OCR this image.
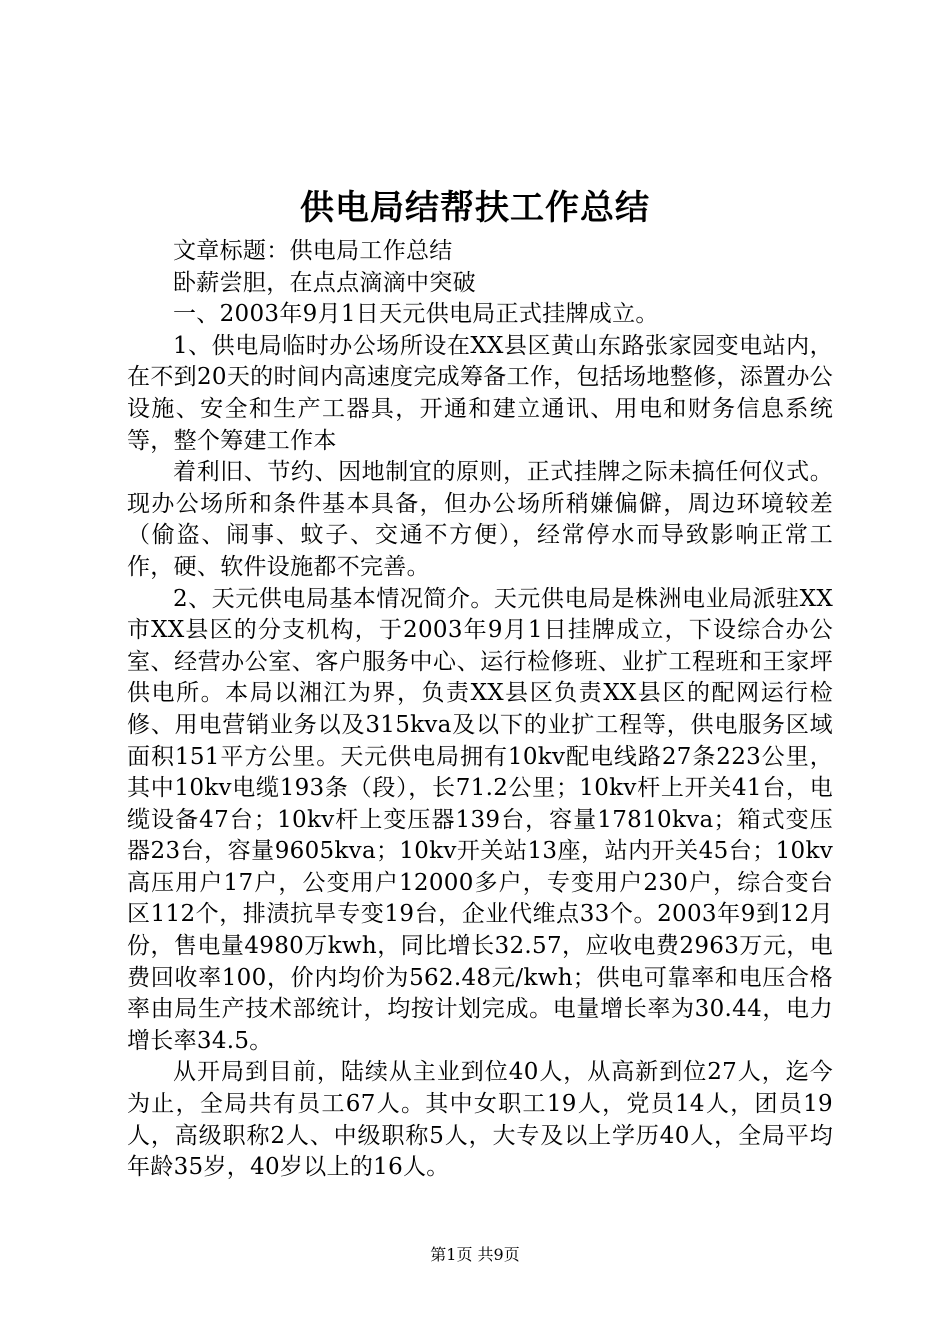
供电局结帮扶工作总结

文章标题：供电局工作总结

卧薪尝胆，在点点滴滴中突破

一、2003年9月1日天元供电局正式挂牌成立。

1、供电局临时办公场所设在XX县区黄山东路张家园变电站内，在不到20天的时间内高速度完成筹备工作，包括场地整修，添置办公设施、安全和生产工器具，开通和建立通讯、用电和财务信息系统等，整个筹建工作本

着利旧、节约、因地制宜的原则，正式挂牌之际未搞任何仪式。现办公场所和条件基本具备，但办公场所稍嫌偏僻，周边环境较差（偷盗、闹事、蚊子、交通不方便），经常停水而导致影响正常工作，硬、软件设施都不完善。

2、天元供电局基本情况简介。天元供电局是株洲电业局派驻XX市XX县区的分支机构，于2003年9月1日挂牌成立，下设综合办公室、经营办公室、客户服务中心、运行检修班、业扩工程班和王家坪供电所。本局以湘江为界，负责XX县区负责XX县区的配网运行检修、用电营销业务以及315kva及以下的业扩工程等，供电服务区域面积151平方公里。天元供电局拥有10kv配电线路27条223公里，其中10kv电缆193条（段），长71.2公里；10kv杆上开关41台，电缆设备47台；10kv杆上变压器139台，容量17810kva；箱式变压器23台，容量9605kva；10kv开关站13座，站内开关45台；10kv高压用户17户，公变用户12000多户，专变用户230户，综合变台区112个，排渍抗旱专变19台，企业代维点33个。2003年9到12月份，售电量4980万kwh，同比增长32.57，应收电费2963万元，电费回收率100，价内均价为562.48元/kwh；供电可靠率和电压合格率由局生产技术部统计，均按计划完成。电量增长率为30.44，电力增长率34.5。

从开局到目前，陆续从主业到位40人，从高新到位27人，迄今为止，全局共有员工67人。其中女职工19人，党员14人，团员19人，高级职称2人、中级职称5人，大专及以上学历40人，全局平均年龄35岁，40岁以上的16人。

第1页 共9页
